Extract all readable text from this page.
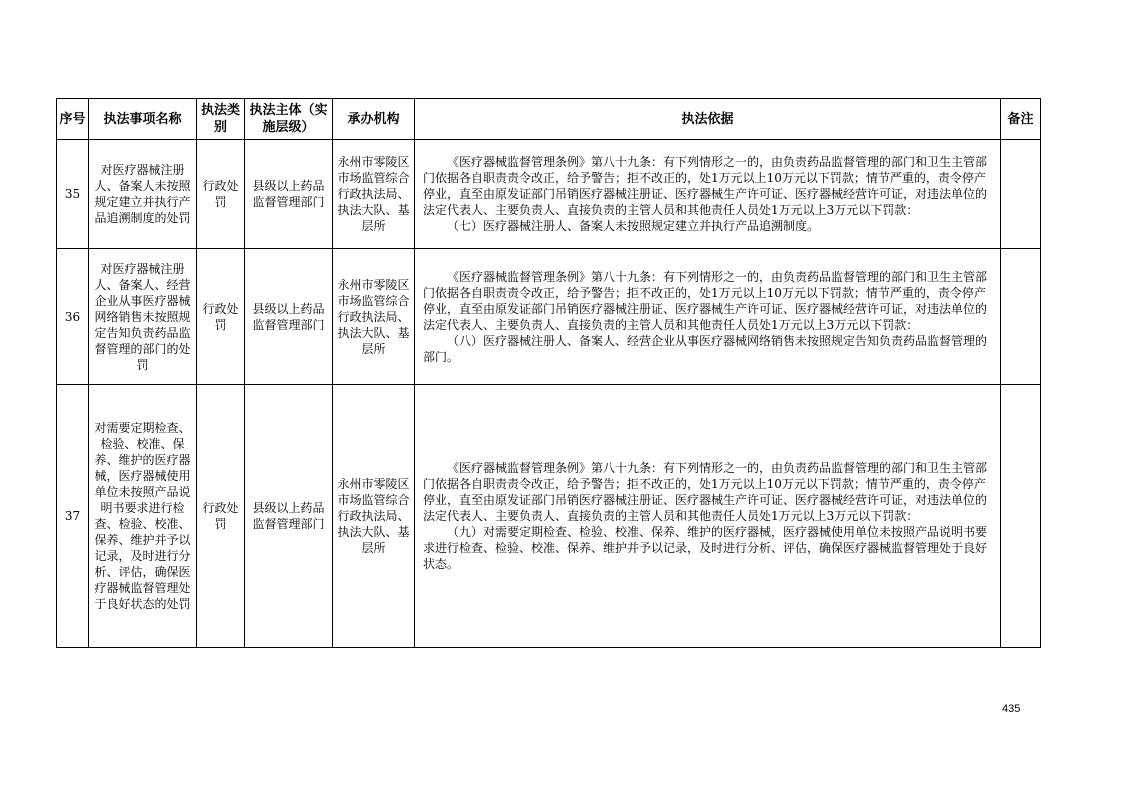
序号	执法事项名称	执法类别	执法主体（实施层级）	承办机构	执法依据	备注
35	对医疗器械注册人、备案人未按照规定建立并执行产品追溯制度的处罚	行政处罚	县级以上药品监督管理部门	永州市零陵区市场监管综合行政执法局、执法大队、基层所	《医疗器械监督管理条例》第八十九条：有下列情形之一的，由负责药品监督管理的部门和卫生主管部门依据各自职责责令改正，给予警告；拒不改正的，处1万元以上10万元以下罚款；情节严重的，责令停产停业，直至由原发证部门吊销医疗器械注册证、医疗器械生产许可证、医疗器械经营许可证，对违法单位的法定代表人、主要负责人、直接负责的主管人员和其他责任人员处1万元以上3万元以下罚款：
（七）医疗器械注册人、备案人未按照规定建立并执行产品追溯制度。	

36	对医疗器械注册人、备案人、经营企业从事医疗器械网络销售未按照规定告知负责药品监督管理的部门的处罚	行政处罚	县级以上药品监督管理部门	永州市零陵区市场监管综合行政执法局、执法大队、基层所	《医疗器械监督管理条例》第八十九条：有下列情形之一的，由负责药品监督管理的部门和卫生主管部门依据各自职责责令改正，给予警告；拒不改正的，处1万元以上10万元以下罚款；情节严重的，责令停产停业，直至由原发证部门吊销医疗器械注册证、医疗器械生产许可证、医疗器械经营许可证，对违法单位的法定代表人、主要负责人、直接负责的主管人员和其他责任人员处1万元以上3万元以下罚款：
（八）医疗器械注册人、备案人、经营企业从事医疗器械网络销售未按照规定告知负责药品监督管理的部门。	

37	对需要定期检查、检验、校准、保养、维护的医疗器械，医疗器械使用单位未按照产品说明书要求进行检查、检验、校准、保养、维护并予以记录，及时进行分析、评估，确保医疗器械监督管理处于良好状态的处罚	行政处罚	县级以上药品监督管理部门	永州市零陵区市场监管综合行政执法局、执法大队、基层所	《医疗器械监督管理条例》第八十九条：有下列情形之一的，由负责药品监督管理的部门和卫生主管部门依据各自职责责令改正，给予警告；拒不改正的，处1万元以上10万元以下罚款；情节严重的，责令停产停业，直至由原发证部门吊销医疗器械注册证、医疗器械生产许可证、医疗器械经营许可证，对违法单位的法定代表人、主要负责人、直接负责的主管人员和其他责任人员处1万元以上3万元以下罚款：
（九）对需要定期检查、检验、校准、保养、维护的医疗器械，医疗器械使用单位未按照产品说明书要求进行检查、检验、校准、保养、维护并予以记录，及时进行分析、评估，确保医疗器械监督管理处于良好状态。	

435
